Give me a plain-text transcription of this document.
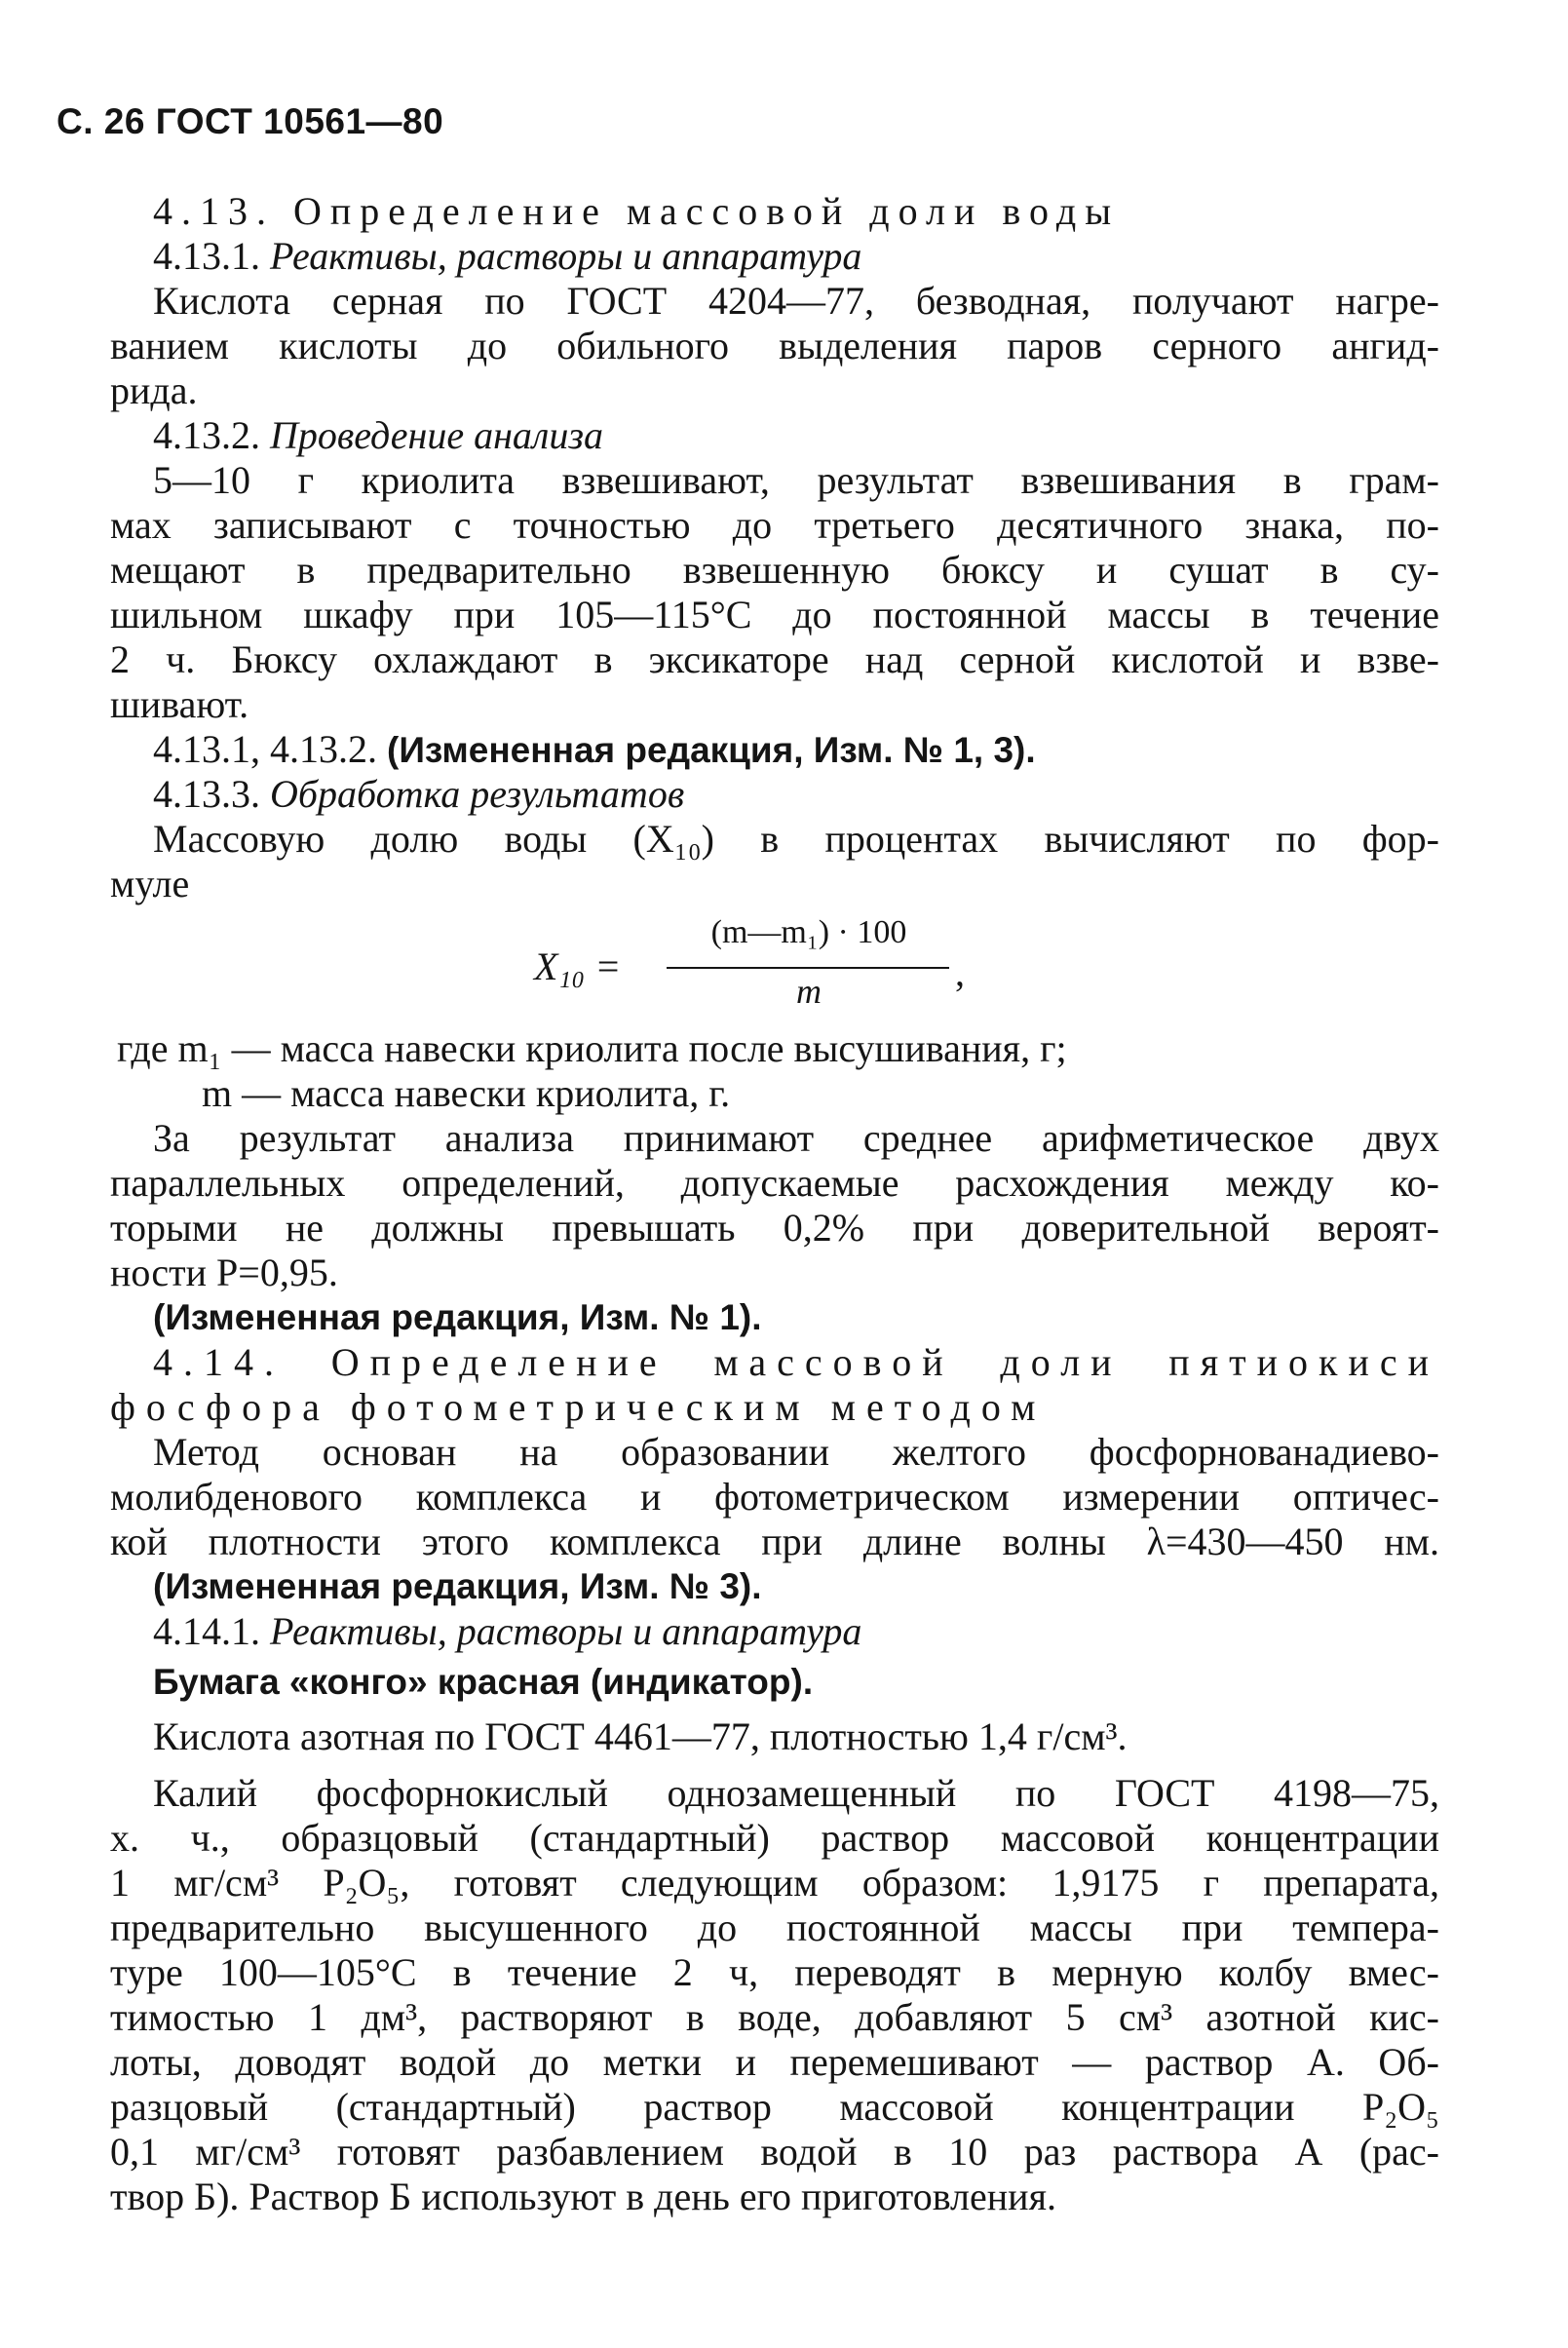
С. 26 ГОСТ 10561—80
4.13. Определение массовой доли воды
4.13.1. Реактивы, растворы и аппаратура
Кислота серная по ГОСТ 4204—77, безводная, получают нагре-
ванием кислоты до обильного выделения паров серного ангид-
рида.
4.13.2. Проведение анализа
5—10 г криолита взвешивают, результат взвешивания в грам-
мах записывают с точностью до третьего десятичного знака, по-
мещают в предварительно взвешенную бюксу и сушат в су-
шильном шкафу при 105—115°С до постоянной массы в течение
2 ч. Бюксу охлаждают в эксикаторе над серной кислотой и взве-
шивают.
4.13.1, 4.13.2. (Измененная редакция, Изм. № 1, 3).
4.13.3. Обработка результатов
Массовую долю воды (X₁₀) в процентах вычисляют по фор-
муле
X₁₀ =
(m—m₁) · 100
m	,
где m₁ — масса навески криолита после высушивания, г;
m — масса навески криолита, г.
За результат анализа принимают среднее арифметическое двух
параллельных определений, допускаемые расхождения между ко-
торыми не должны превышать 0,2% при доверительной вероят-
ности P=0,95.
(Измененная редакция, Изм. № 1).
4.14. Определение массовой доли пятиокиси
фосфора фотометрическим методом
Метод основан на образовании желтого фосфорнованадиево-
молибденового комплекса и фотометрическом измерении оптичес-
кой плотности этого комплекса при длине волны λ=430—450 нм.
(Измененная редакция, Изм. № 3).
4.14.1. Реактивы, растворы и аппаратура
Бумага «конго» красная (индикатор).
Кислота азотная по ГОСТ 4461—77, плотностью 1,4 г/см³.
Калий фосфорнокислый однозамещенный по ГОСТ 4198—75,
х. ч., образцовый (стандартный) раствор массовой концентрации
1 мг/см³ P₂O₅, готовят следующим образом: 1,9175 г препарата,
предварительно высушенного до постоянной массы при темпера-
туре 100—105°С в течение 2 ч, переводят в мерную колбу вмес-
тимостью 1 дм³, растворяют в воде, добавляют 5 см³ азотной кис-
лоты, доводят водой до метки и перемешивают — раствор А. Об-
разцовый (стандартный) раствор массовой концентрации P₂O₅
0,1 мг/см³ готовят разбавлением водой в 10 раз раствора А (рас-
твор Б). Раствор Б используют в день его приготовления.
